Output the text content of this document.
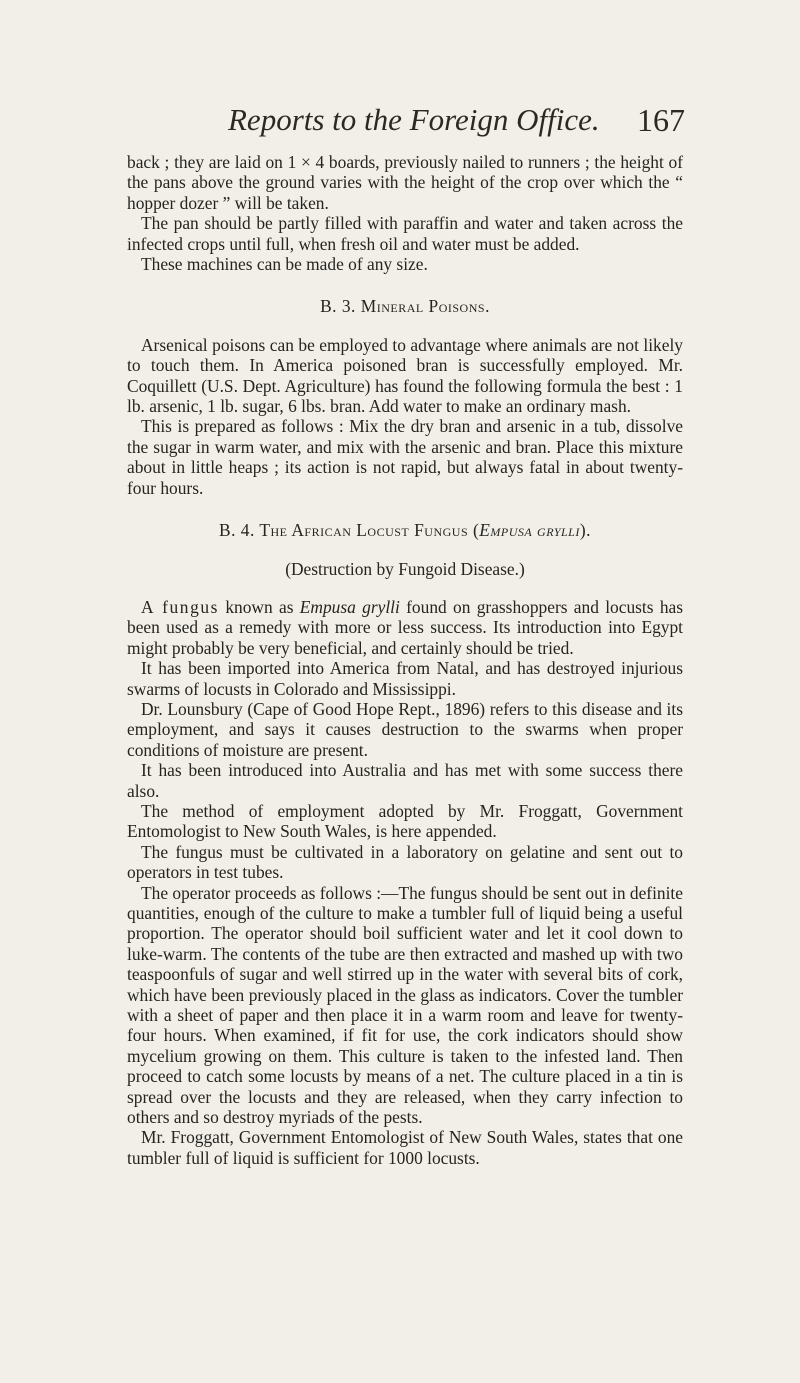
Reports to the Foreign Office. 167

back ; they are laid on 1 × 4 boards, previously nailed to runners ; the height of the pans above the ground varies with the height of the crop over which the “ hopper dozer ” will be taken.

The pan should be partly filled with paraffin and water and taken across the infected crops until full, when fresh oil and water must be added.

These machines can be made of any size.

B. 3. Mineral Poisons.

Arsenical poisons can be employed to advantage where animals are not likely to touch them. In America poisoned bran is successfully employed. Mr. Coquillett (U.S. Dept. Agriculture) has found the following formula the best : 1 lb. arsenic, 1 lb. sugar, 6 lbs. bran. Add water to make an ordinary mash.

This is prepared as follows : Mix the dry bran and arsenic in a tub, dissolve the sugar in warm water, and mix with the arsenic and bran. Place this mixture about in little heaps ; its action is not rapid, but always fatal in about twenty-four hours.

B. 4. The African Locust Fungus (Empusa grylli).
(Destruction by Fungoid Disease.)

A fungus known as Empusa grylli found on grasshoppers and locusts has been used as a remedy with more or less success. Its introduction into Egypt might probably be very beneficial, and certainly should be tried.

It has been imported into America from Natal, and has destroyed injurious swarms of locusts in Colorado and Mississippi.

Dr. Lounsbury (Cape of Good Hope Rept., 1896) refers to this disease and its employment, and says it causes destruction to the swarms when proper conditions of moisture are present.

It has been introduced into Australia and has met with some success there also.

The method of employment adopted by Mr. Froggatt, Government Entomologist to New South Wales, is here appended.

The fungus must be cultivated in a laboratory on gelatine and sent out to operators in test tubes.

The operator proceeds as follows :—The fungus should be sent out in definite quantities, enough of the culture to make a tumbler full of liquid being a useful proportion. The operator should boil sufficient water and let it cool down to luke-warm. The contents of the tube are then extracted and mashed up with two teaspoonfuls of sugar and well stirred up in the water with several bits of cork, which have been previously placed in the glass as indicators. Cover the tumbler with a sheet of paper and then place it in a warm room and leave for twenty-four hours. When examined, if fit for use, the cork indicators should show mycelium growing on them. This culture is taken to the infested land. Then proceed to catch some locusts by means of a net. The culture placed in a tin is spread over the locusts and they are released, when they carry infection to others and so destroy myriads of the pests.

Mr. Froggatt, Government Entomologist of New South Wales, states that one tumbler full of liquid is sufficient for 1000 locusts.
